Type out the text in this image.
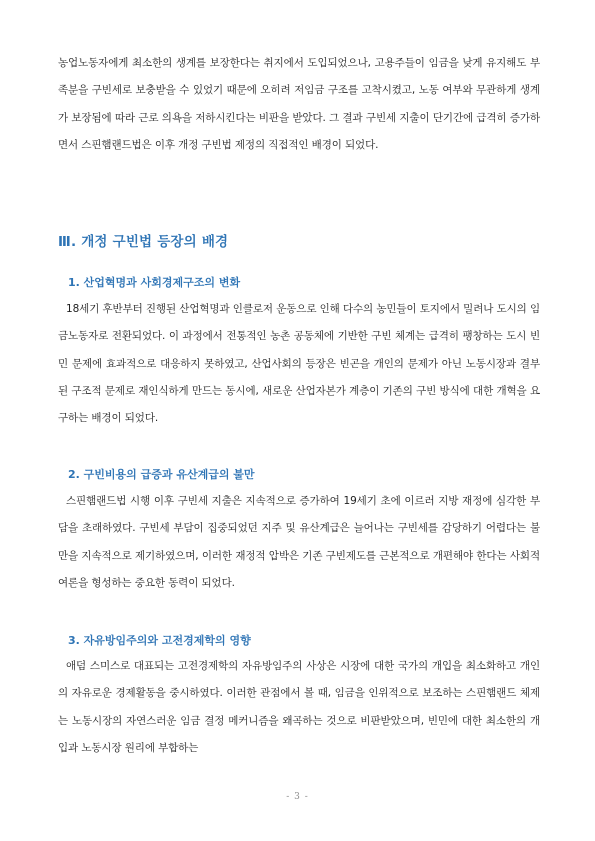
농업노동자에게 최소한의 생계를 보장한다는 취지에서 도입되었으나, 고용주들이 임금을 낮게 유지해도 부족분을 구빈세로 보충받을 수 있었기 때문에 오히려 저임금 구조를 고착시켰고, 노동 여부와 무관하게 생계가 보장됨에 따라 근로 의욕을 저하시킨다는 비판을 받았다. 그 결과 구빈세 지출이 단기간에 급격히 증가하면서 스핀햄랜드법은 이후 개정 구빈법 제정의 직접적인 배경이 되었다.

Ⅲ. 개정 구빈법 등장의 배경
1. 산업혁명과 사회경제구조의 변화

18세기 후반부터 진행된 산업혁명과 인클로저 운동으로 인해 다수의 농민들이 토지에서 밀려나 도시의 임금노동자로 전환되었다. 이 과정에서 전통적인 농촌 공동체에 기반한 구빈 체계는 급격히 팽창하는 도시 빈민 문제에 효과적으로 대응하지 못하였고, 산업사회의 등장은 빈곤을 개인의 문제가 아닌 노동시장과 결부된 구조적 문제로 재인식하게 만드는 동시에, 새로운 산업자본가 계층이 기존의 구빈 방식에 대한 개혁을 요구하는 배경이 되었다.

2. 구빈비용의 급증과 유산계급의 불만

스핀햄랜드법 시행 이후 구빈세 지출은 지속적으로 증가하여 19세기 초에 이르러 지방 재정에 심각한 부담을 초래하였다. 구빈세 부담이 집중되었던 지주 및 유산계급은 늘어나는 구빈세를 감당하기 어렵다는 불만을 지속적으로 제기하였으며, 이러한 재정적 압박은 기존 구빈제도를 근본적으로 개편해야 한다는 사회적 여론을 형성하는 중요한 동력이 되었다.

3. 자유방임주의와 고전경제학의 영향

애덤 스미스로 대표되는 고전경제학의 자유방임주의 사상은 시장에 대한 국가의 개입을 최소화하고 개인의 자유로운 경제활동을 중시하였다. 이러한 관점에서 볼 때, 임금을 인위적으로 보조하는 스핀햄랜드 체제는 노동시장의 자연스러운 임금 결정 메커니즘을 왜곡하는 것으로 비판받았으며, 빈민에 대한 최소한의 개입과 노동시장 원리에 부합하는

- 3 -
